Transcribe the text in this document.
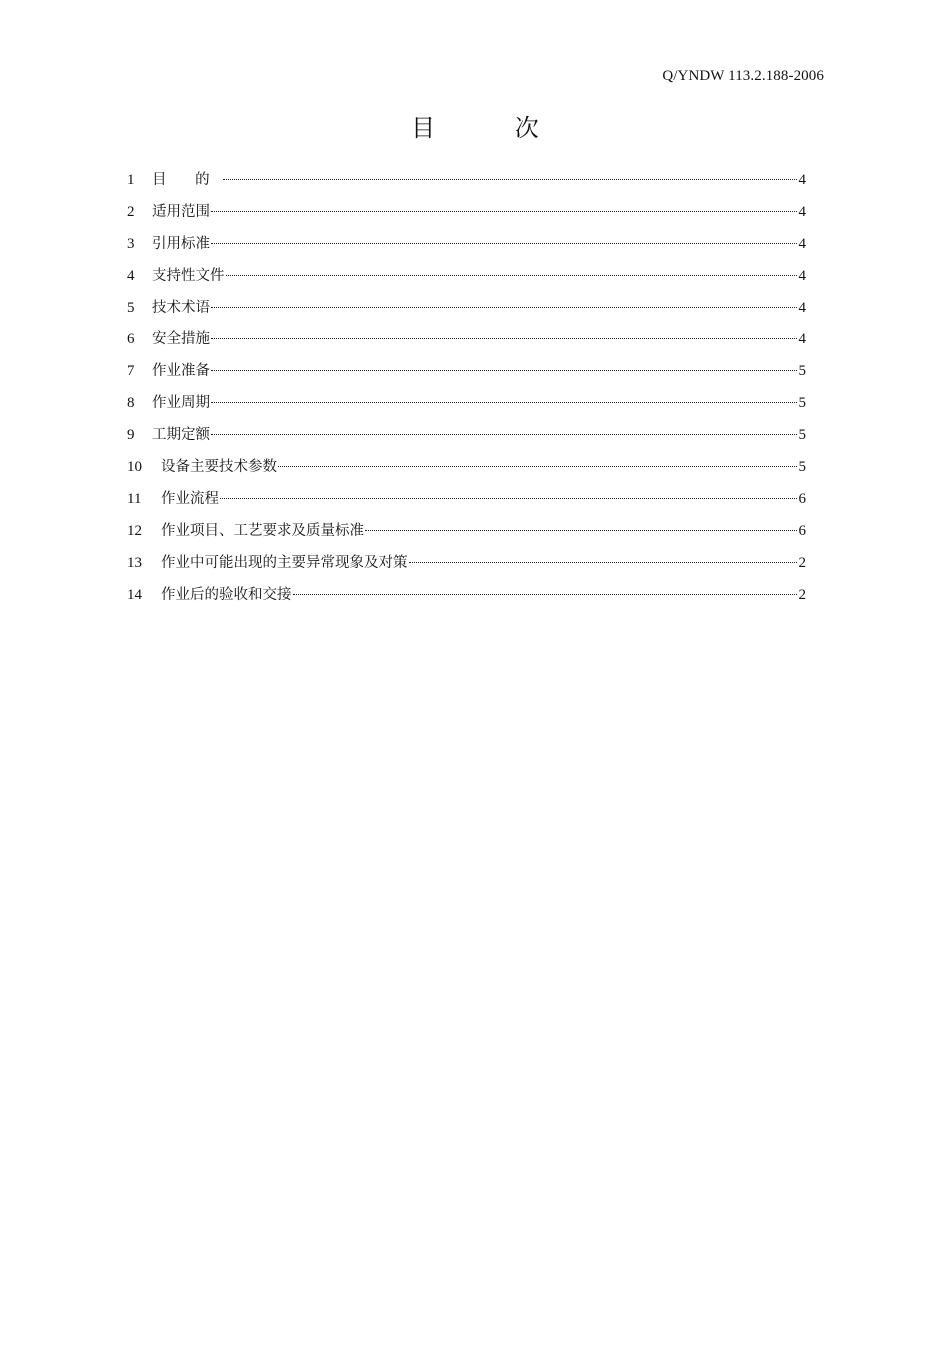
Q/YNDW 113.2.188-2006
目 次
1	目 的	4
2	适用范围	4
3	引用标准	4
4	支持性文件	4
5	技术术语	4
6	安全措施	4
7	作业准备	5
8	作业周期	5
9	工期定额	5
10	设备主要技术参数	5
11	作业流程	6
12	作业项目、工艺要求及质量标准	6
13	作业中可能出现的主要异常现象及对策	2
14	作业后的验收和交接	2
